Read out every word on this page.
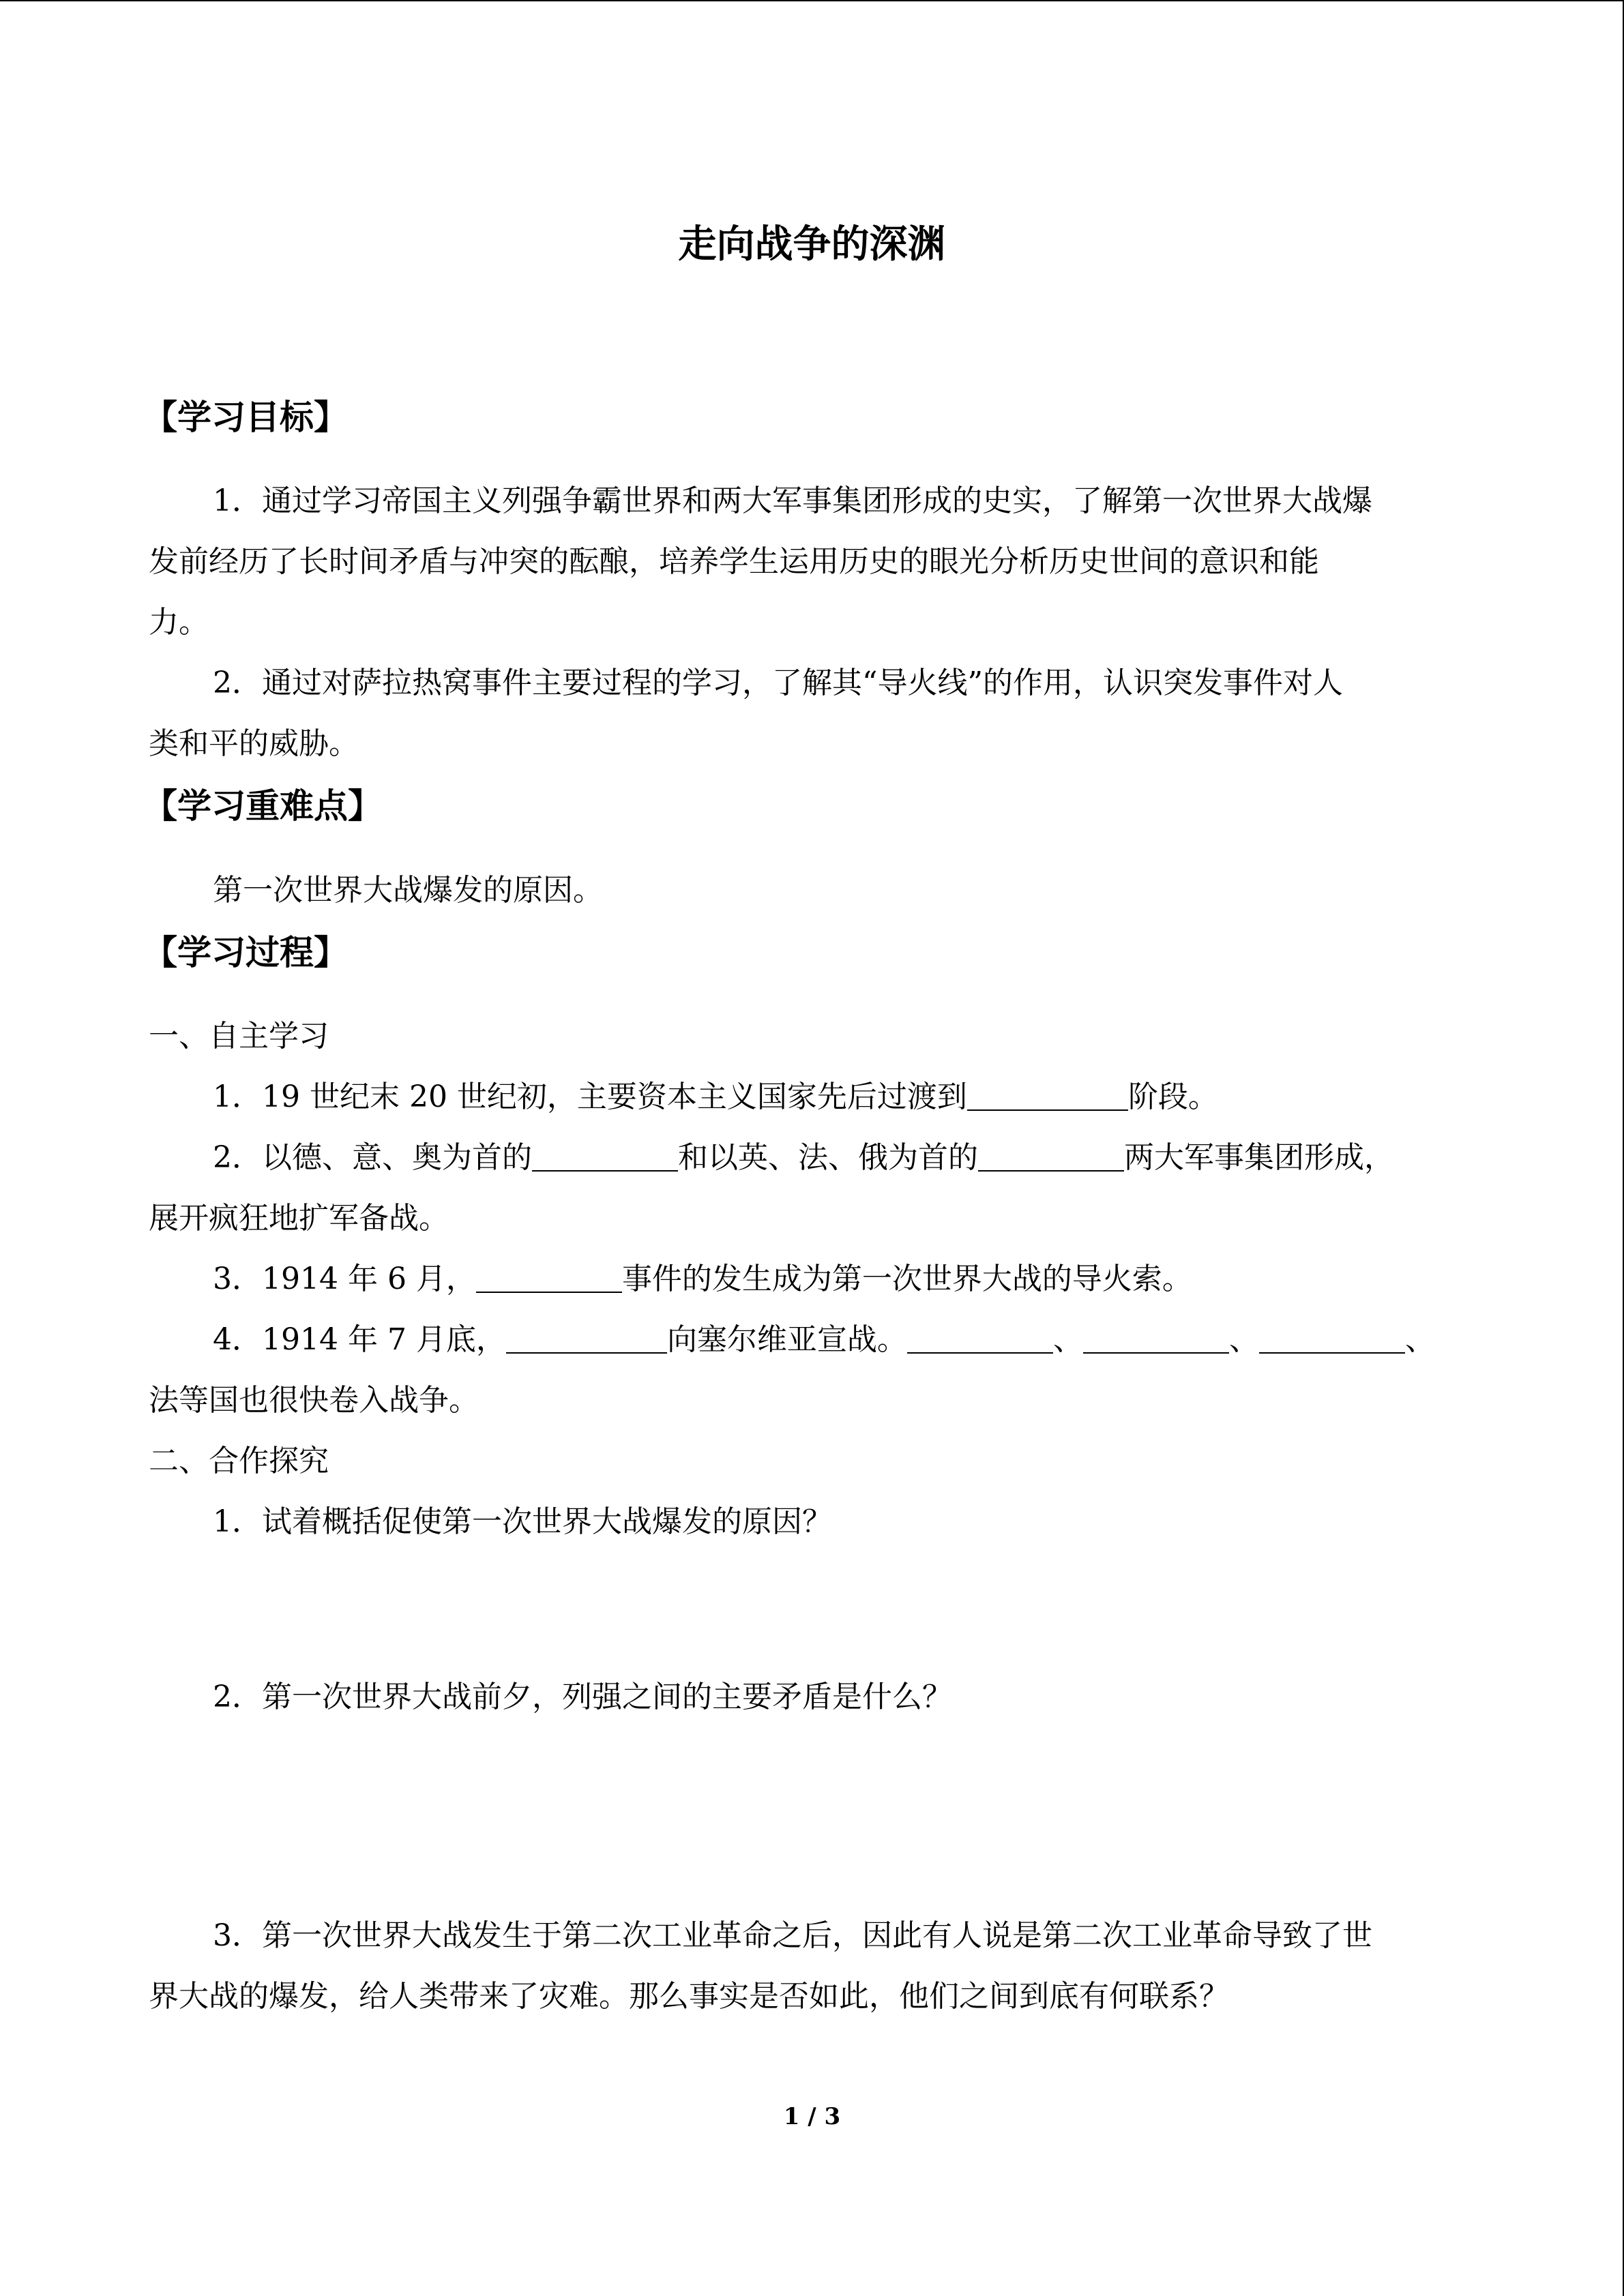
走向战争的深渊
【学习目标】
1．通过学习帝国主义列强争霸世界和两大军事集团形成的史实，了解第一次世界大战爆
发前经历了长时间矛盾与冲突的酝酿，培养学生运用历史的眼光分析历史世间的意识和能
力。
2．通过对萨拉热窝事件主要过程的学习，了解其“导火线”的作用，认识突发事件对人
类和平的威胁。
【学习重难点】
第一次世界大战爆发的原因。
【学习过程】
一、自主学习
1．19 世纪末 20 世纪初，主要资本主义国家先后过渡到	阶段。
2．以德、意、奥为首的	和以英、法、俄为首的	两大军事集团形成，
展开疯狂地扩军备战。
3．1914 年 6 月，	事件的发生成为第一次世界大战的导火索。
4．1914 年 7 月底，	向塞尔维亚宣战。	、	、	、
法等国也很快卷入战争。
二、合作探究
1．试着概括促使第一次世界大战爆发的原因？
2．第一次世界大战前夕，列强之间的主要矛盾是什么？
3．第一次世界大战发生于第二次工业革命之后，因此有人说是第二次工业革命导致了世
界大战的爆发，给人类带来了灾难。那么事实是否如此，他们之间到底有何联系？
1 / 3
